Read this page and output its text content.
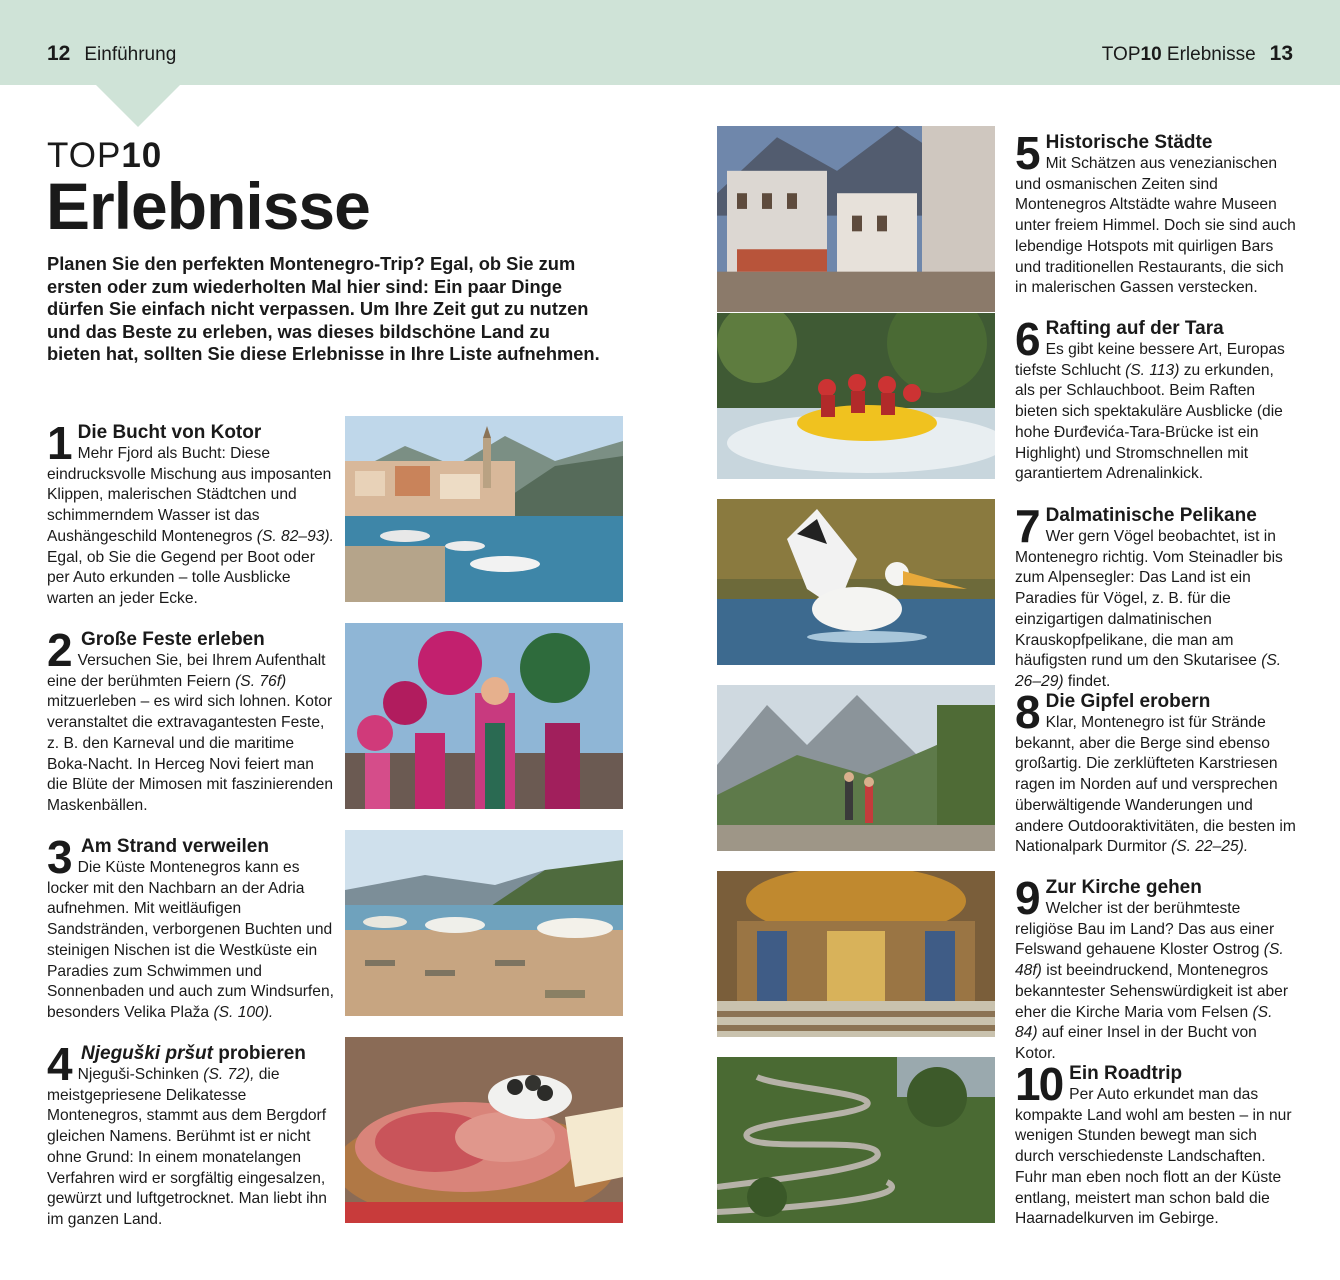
12 Einführung	TOP10 Erlebnisse 13
TOP10
Erlebnisse
Planen Sie den perfekten Montenegro-Trip? Egal, ob Sie zum ersten oder zum wiederholten Mal hier sind: Ein paar Dinge dürfen Sie einfach nicht verpassen. Um Ihre Zeit gut zu nutzen und das Beste zu erleben, was dieses bildschöne Land zu bieten hat, sollten Sie diese Erlebnisse in Ihre Liste aufnehmen.
1 Die Bucht von Kotor
Mehr Fjord als Bucht: Diese eindrucksvolle Mischung aus imposanten Klippen, malerischen Städtchen und schimmerndem Wasser ist das Aushängeschild Montenegros (S. 82–93). Egal, ob Sie die Gegend per Boot oder per Auto erkunden – tolle Ausblicke warten an jeder Ecke.
2 Große Feste erleben
Versuchen Sie, bei Ihrem Aufenthalt eine der berühmten Feiern (S. 76f) mitzuerleben – es wird sich lohnen. Kotor veranstaltet die extravagantesten Feste, z. B. den Karneval und die maritime Boka-Nacht. In Herceg Novi feiert man die Blüte der Mimosen mit faszinierenden Maskenbällen.
3 Am Strand verweilen
Die Küste Montenegros kann es locker mit den Nachbarn an der Adria aufnehmen. Mit weitläufigen Sandstränden, verborgenen Buchten und steinigen Nischen ist die Westküste ein Paradies zum Schwimmen und Sonnenbaden und auch zum Windsurfen, besonders Velika Plaža (S. 100).
4 Njeguški pršut probieren
Njeguši-Schinken (S. 72), die meistgepriesene Delikatesse Montenegros, stammt aus dem Bergdorf gleichen Namens. Berühmt ist er nicht ohne Grund: In einem monatelangen Verfahren wird er sorgfältig eingesalzen, gewürzt und luftgetrocknet. Man liebt ihn im ganzen Land.
5 Historische Städte
Mit Schätzen aus venezianischen und osmanischen Zeiten sind Montenegros Altstädte wahre Museen unter freiem Himmel. Doch sie sind auch lebendige Hotspots mit quirligen Bars und traditionellen Restaurants, die sich in malerischen Gassen verstecken.
6 Rafting auf der Tara
Es gibt keine bessere Art, Europas tiefste Schlucht (S. 113) zu erkunden, als per Schlauchboot. Beim Raften bieten sich spektakuläre Ausblicke (die hohe Đurđevića-Tara-Brücke ist ein Highlight) und Stromschnellen mit garantiertem Adrenalinkick.
7 Dalmatinische Pelikane
Wer gern Vögel beobachtet, ist in Montenegro richtig. Vom Steinadler bis zum Alpensegler: Das Land ist ein Paradies für Vögel, z. B. für die einzigartigen dalmatinischen Krauskopfpelikane, die man am häufigsten rund um den Skutarisee (S. 26–29) findet.
8 Die Gipfel erobern
Klar, Montenegro ist für Strände bekannt, aber die Berge sind ebenso großartig. Die zerklüfteten Karstriesen ragen im Norden auf und versprechen überwältigende Wanderungen und andere Outdooraktivitäten, die besten im Nationalpark Durmitor (S. 22–25).
9 Zur Kirche gehen
Welcher ist der berühmteste religiöse Bau im Land? Das aus einer Felswand gehauene Kloster Ostrog (S. 48f) ist beeindruckend, Montenegros bekanntester Sehenswürdigkeit ist aber eher die Kirche Maria vom Felsen (S. 84) auf einer Insel in der Bucht von Kotor.
10 Ein Roadtrip
Per Auto erkundet man das kompakte Land wohl am besten – in nur wenigen Stunden bewegt man sich durch verschiedenste Landschaften. Fuhr man eben noch flott an der Küste entlang, meistert man schon bald die Haarnadelkurven im Gebirge.
